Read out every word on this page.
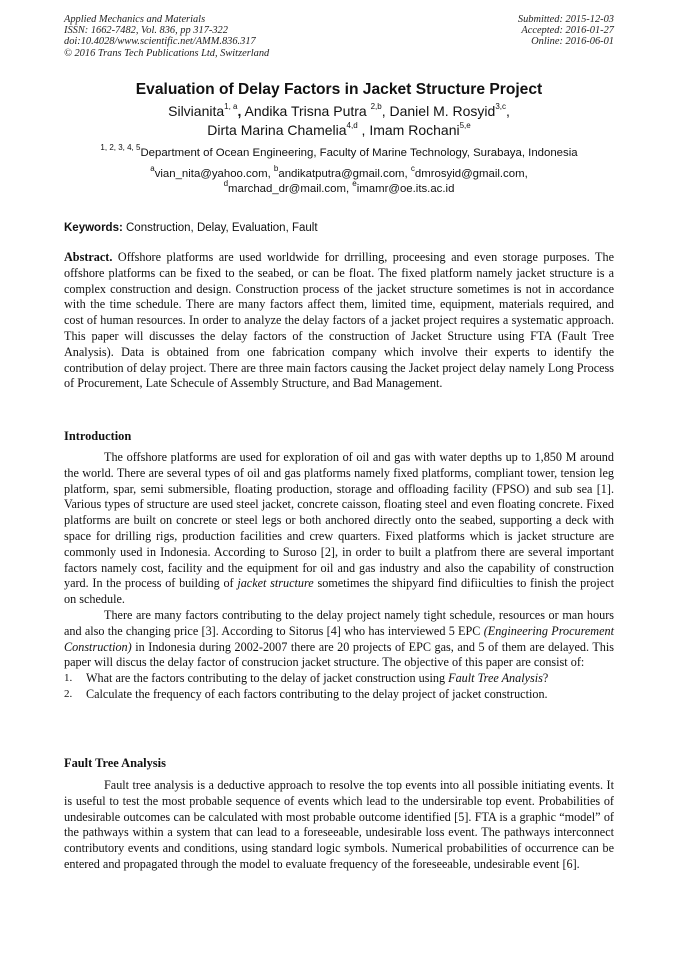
Applied Mechanics and Materials
ISSN: 1662-7482, Vol. 836, pp 317-322
doi:10.4028/www.scientific.net/AMM.836.317
© 2016 Trans Tech Publications Ltd, Switzerland
Submitted: 2015-12-03
Accepted: 2016-01-27
Online: 2016-06-01
Evaluation of Delay Factors in Jacket Structure Project
Silvianita$^{1, a}$, Andika Trisna Putra $^{2,b}$, Daniel M. Rosyid$^{3,c}$,
Dirta Marina Chamelia$^{4,d}$ , Imam Rochani$^{5,e}$
$^{1, 2, 3, 4, 5}$Department of Ocean Engineering, Faculty of Marine Technology, Surabaya, Indonesia
$^a$vian_nita@yahoo.com, $^b$andikatputra@gmail.com, $^c$dmrosyid@gmail.com,
$^d$marchad_dr@mail.com, $^e$imamr@oe.its.ac.id
Keywords: Construction, Delay, Evaluation, Fault

Abstract. Offshore platforms are used worldwide for drrilling, proceesing and even storage purposes. The offshore platforms can be fixed to the seabed, or can be float. The fixed platform namely jacket structure is a complex construction and design. Construction process of the jacket structure sometimes is not in accordance with the time schedule. There are many factors affect them, limited time, equipment, materials required, and cost of human resources. In order to analyze the delay factors of a jacket project requires a systematic approach. This paper will discusses the delay factors of the construction of Jacket Structure using FTA (Fault Tree Analysis). Data is obtained from one fabrication company which involve their experts to identify the contribution of delay project. There are three main factors causing the Jacket project delay namely Long Process of Procurement, Late Schecule of Assembly Structure, and Bad Management.

Introduction

The offshore platforms are used for exploration of oil and gas with water depths up to 1,850 M around the world. There are several types of oil and gas platforms namely fixed platforms, compliant tower, tension leg platform, spar, semi submersible, floating production, storage and offloading facility (FPSO) and sub sea [1]. Various types of structure are used steel jacket, concrete caisson, floating steel and even floating concrete. Fixed platforms are built on concrete or steel legs or both anchored directly onto the seabed, supporting a deck with space for drilling rigs, production facilities and crew quarters. Fixed platforms which is jacket structure are commonly used in Indonesia. According to Suroso [2], in order to built a platfrom there are several important factors namely cost, facility and the equipment for oil and gas industry and also the capability of construction yard. In the process of building of jacket structure sometimes the shipyard find difiiculties to finish the project on schedule.

There are many factors contributing to the delay project namely tight schedule, resources or man hours and also the changing price [3]. According to Sitorus [4] who has interviewed 5 EPC (Engineering Procurement Construction) in Indonesia during 2002-2007 there are 20 projects of EPC gas, and 5 of them are delayed. This paper will discus the delay factor of construcion jacket structure. The objective of this paper are consist of:

1. What are the factors contributing to the delay of jacket construction using Fault Tree Analysis?
2. Calculate the frequency of each factors contributing to the delay project of jacket construction.
Fault Tree Analysis

Fault tree analysis is a deductive approach to resolve the top events into all possible initiating events. It is useful to test the most probable sequence of events which lead to the undersirable top event. Probabilities of undesirable outcomes can be calculated with most probable outcome identified [5]. FTA is a graphic “model” of the pathways within a system that can lead to a foreseeable, undesirable loss event. The pathways interconnect contributory events and conditions, using standard logic symbols. Numerical probabilities of occurrence can be entered and propagated through the model to evaluate frequency of the foreseeable, undesirable event [6].
